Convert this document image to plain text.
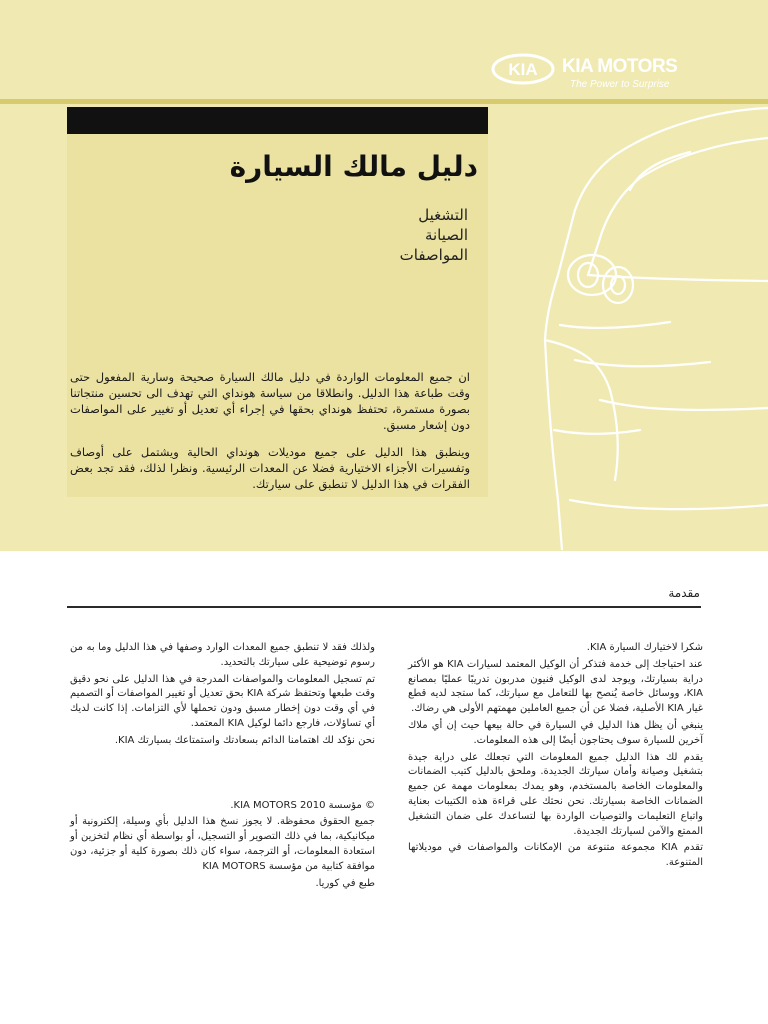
KIA KIA MOTORS
The Power to Surprise
دليل مالك السيارة
التشغيل
الصيانة
المواصفات

ان جميع المعلومات الواردة في دليل مالك السيارة صحيحة وسارية المفعول حتى وقت طباعة هذا الدليل. وانطلاقا من سياسة هونداي التي تهدف الى تحسين منتجاتنا بصورة مستمرة، تحتفظ هونداي بحقها في إجراء أي تعديل أو تغيير على المواصفات دون إشعار مسبق.

وينطبق هذا الدليل على جميع موديلات هونداي الحالية ويشتمل على أوصاف وتفسيرات الأجزاء الاختيارية فضلا عن المعدات الرئيسية. ونظرا لذلك، فقد تجد بعض الفقرات في هذا الدليل لا تنطبق على سيارتك.

مقدمة

شكرا لاختيارك السيارة KIA.

عند احتياجك إلى خدمة فتذكر أن الوكيل المعتمد لسيارات KIA هو الأكثر دراية بسيارتك، ويوجد لدى الوكيل فنيون مدربون تدريبًا عمليًا بمصانع KIA، ووسائل خاصة يُنصح بها للتعامل مع سيارتك، كما ستجد لديه قطع غيار KIA الأصلية، فضلا عن أن جميع العاملين مهمتهم الأولى هي رضاك.

ينبغي أن يظل هذا الدليل في السيارة في حالة بيعها حيث إن أي ملاك آخرين للسيارة سوف يحتاجون أيضًا إلى هذه المعلومات.

يقدم لك هذا الدليل جميع المعلومات التي تجعلك على دراية جيدة بتشغيل وصيانة وأمان سيارتك الجديدة. وملحق بالدليل كتيب الضمانات والمعلومات الخاصة بالمستخدم، وهو يمدك بمعلومات مهمة عن جميع الضمانات الخاصة بسيارتك. نحن نحثك على قراءة هذه الكتيبات بعناية واتباع التعليمات والتوصيات الواردة بها لتساعدك على ضمان التشغيل الممتع والآمن لسيارتك الجديدة.

تقدم KIA مجموعة متنوعة من الإمكانات والمواصفات في موديلاتها المتنوعة.

ولذلك فقد لا تنطبق جميع المعدات الوارد وصفها في هذا الدليل وما به من رسوم توضيحية على سيارتك بالتحديد.

تم تسجيل المعلومات والمواصفات المدرجة في هذا الدليل على نحو دقيق وقت طبعها وتحتفظ شركة KIA بحق تعديل أو تغيير المواصفات أو التصميم في أي وقت دون إخطار مسبق ودون تحملها لأي التزامات. إذا كانت لديك أي تساؤلات، فارجع دائما لوكيل KIA المعتمد.

نحن نؤكد لك اهتمامنا الدائم بسعادتك واستمتاعك بسيارتك KIA.

© مؤسسة KIA MOTORS 2010.

جميع الحقوق محفوظة. لا يجوز نسخ هذا الدليل بأي وسيلة، إلكترونية أو ميكانيكية، بما في ذلك التصوير أو التسجيل، أو بواسطة أي نظام لتخزين أو استعادة المعلومات، أو الترجمة، سواء كان ذلك بصورة كلية أو جزئية، دون موافقة كتابية من مؤسسة KIA MOTORS

طبع في كوريا.
